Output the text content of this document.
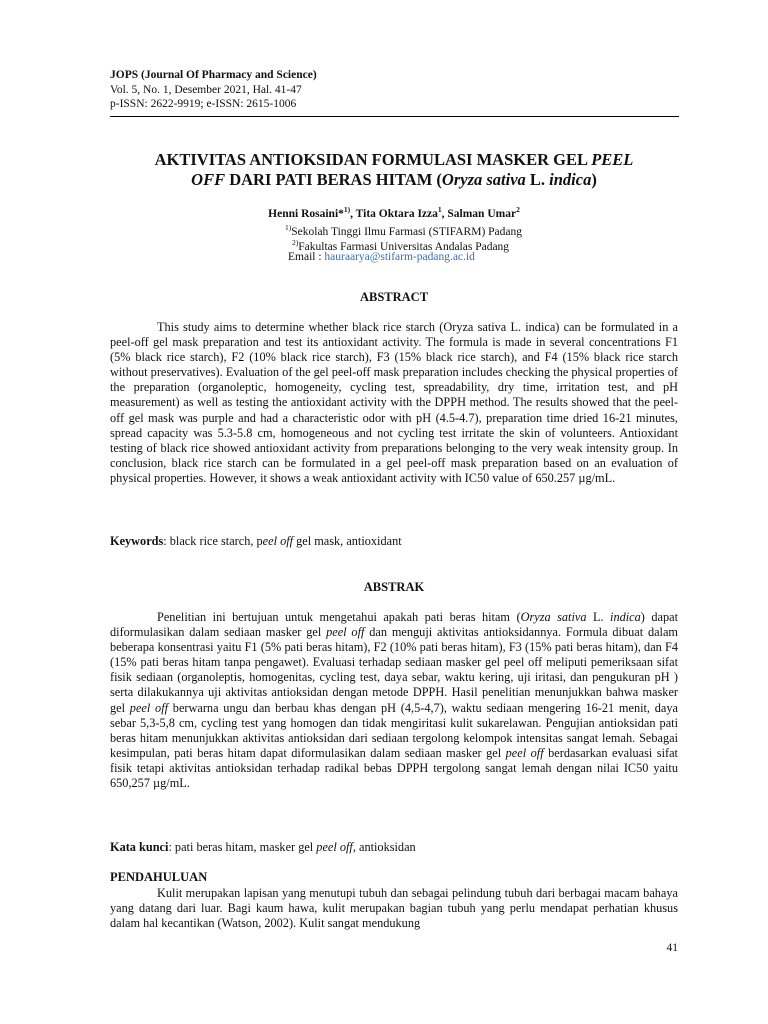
JOPS (Journal Of Pharmacy and Science)
Vol. 5, No. 1, Desember 2021, Hal. 41-47
p-ISSN: 2622-9919; e-ISSN: 2615-1006
AKTIVITAS ANTIOKSIDAN FORMULASI MASKER GEL PEEL
OFF DARI PATI BERAS HITAM (Oryza sativa L. indica)
Henni Rosaini*$^{1)}$, Tita Oktara Izza$^1$, Salman Umar$^2$
$^{1)}$Sekolah Tinggi Ilmu Farmasi (STIFARM) Padang
$^{2)}$Fakultas Farmasi Universitas Andalas Padang
Email : hauraarya@stifarm-padang.ac.id
ABSTRACT
This study aims to determine whether black rice starch (Oryza sativa L. indica) can be formulated in a peel-off gel mask preparation and test its antioxidant activity. The formula is made in several concentrations F1 (5% black rice starch), F2 (10% black rice starch), F3 (15% black rice starch), and F4 (15% black rice starch without preservatives). Evaluation of the gel peel-off mask preparation includes checking the physical properties of the preparation (organoleptic, homogeneity, cycling test, spreadability, dry time, irritation test, and pH measurement) as well as testing the antioxidant activity with the DPPH method. The results showed that the peel-off gel mask was purple and had a characteristic odor with pH (4.5-4.7), preparation time dried 16-21 minutes, spread capacity was 5.3-5.8 cm, homogeneous and not cycling test irritate the skin of volunteers. Antioxidant testing of black rice showed antioxidant activity from preparations belonging to the very weak intensity group. In conclusion, black rice starch can be formulated in a gel peel-off mask preparation based on an evaluation of physical properties. However, it shows a weak antioxidant activity with IC50 value of 650.257 µg/mL.
Keywords: black rice starch, peel off gel mask, antioxidant
ABSTRAK
Penelitian ini bertujuan untuk mengetahui apakah pati beras hitam (Oryza sativa L. indica) dapat diformulasikan dalam sediaan masker gel peel off dan menguji aktivitas antioksidannya. Formula dibuat dalam beberapa konsentrasi yaitu F1 (5% pati beras hitam), F2 (10% pati beras hitam), F3 (15% pati beras hitam), dan F4 (15% pati beras hitam tanpa pengawet). Evaluasi terhadap sediaan masker gel peel off meliputi pemeriksaan sifat fisik sediaan (organoleptis, homogenitas, cycling test, daya sebar, waktu kering, uji iritasi, dan pengukuran pH ) serta dilakukannya uji aktivitas antioksidan dengan metode DPPH. Hasil penelitian menunjukkan bahwa masker gel peel off berwarna ungu dan berbau khas dengan pH (4,5-4,7), waktu sediaan mengering 16-21 menit, daya sebar 5,3-5,8 cm, cycling test yang homogen dan tidak mengiritasi kulit sukarelawan. Pengujian antioksidan pati beras hitam menunjukkan aktivitas antioksidan dari sediaan tergolong kelompok intensitas sangat lemah. Sebagai kesimpulan, pati beras hitam dapat diformulasikan dalam sediaan masker gel peel off berdasarkan evaluasi sifat fisik tetapi aktivitas antioksidan terhadap radikal bebas DPPH tergolong sangat lemah dengan nilai IC50 yaitu 650,257 µg/mL.
Kata kunci: pati beras hitam, masker gel peel off, antioksidan
PENDAHULUAN
Kulit merupakan lapisan yang menutupi tubuh dan sebagai pelindung tubuh dari berbagai macam bahaya yang datang dari luar. Bagi kaum hawa, kulit merupakan bagian tubuh yang perlu mendapat perhatian khusus dalam hal kecantikan (Watson, 2002). Kulit sangat mendukung
41
